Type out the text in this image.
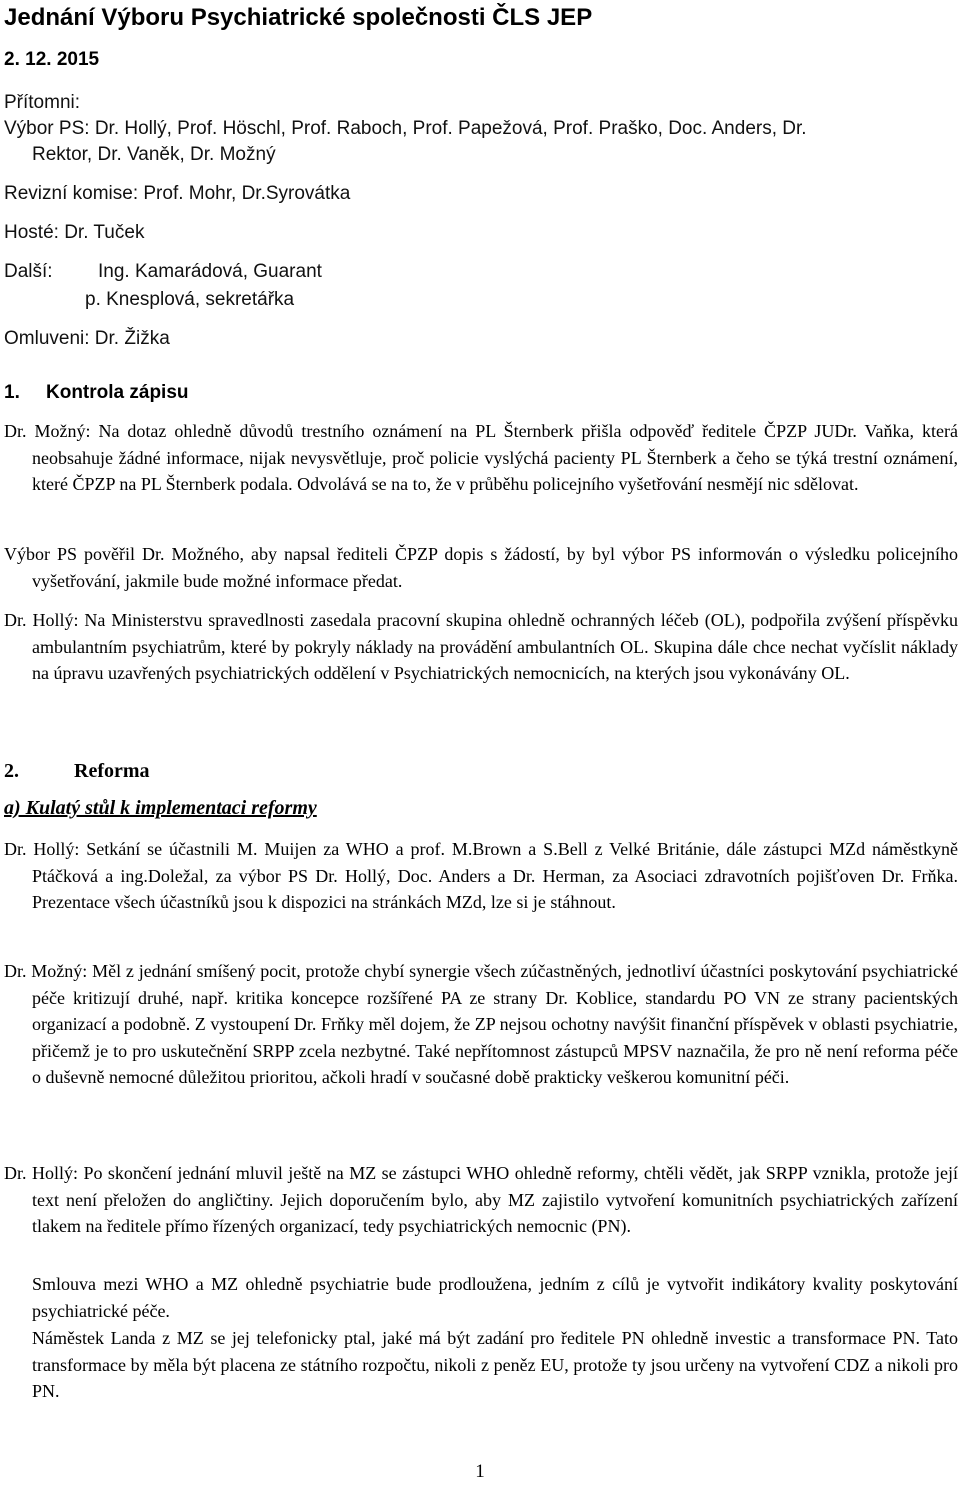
Jednání Výboru Psychiatrické společnosti ČLS JEP
2. 12. 2015
Přítomni:
Výbor PS: Dr. Hollý, Prof. Höschl, Prof. Raboch, Prof. Papežová, Prof. Praško, Doc. Anders, Dr.
Rektor, Dr. Vaněk, Dr. Možný
Revizní komise: Prof. Mohr, Dr.Syrovátka
Hosté: Dr. Tuček
Další: Ing. Kamarádová, Guarant
p. Knesplová, sekretářka
Omluveni: Dr. Žižka
1. Kontrola zápisu

Dr. Možný: Na dotaz ohledně důvodů trestního oznámení na PL Šternberk přišla odpověď ředitele ČPZP JUDr. Vaňka, která neobsahuje žádné informace, nijak nevysvětluje, proč policie vyslýchá pacienty PL Šternberk a čeho se týká trestní oznámení, které ČPZP na PL Šternberk podala. Odvolává se na to, že v průběhu policejního vyšetřování nesmějí nic sdělovat.

Výbor PS pověřil Dr. Možného, aby napsal řediteli ČPZP dopis s žádostí, by byl výbor PS informován o výsledku policejního vyšetřování, jakmile bude možné informace předat.

Dr. Hollý: Na Ministerstvu spravedlnosti zasedala pracovní skupina ohledně ochranných léčeb (OL), podpořila zvýšení příspěvku ambulantním psychiatrům, které by pokryly náklady na provádění ambulantních OL. Skupina dále chce nechat vyčíslit náklady na úpravu uzavřených psychiatrických oddělení v Psychiatrických nemocnicích, na kterých jsou vykonávány OL.

2.	Reforma
a) Kulatý stůl k implementaci reformy

Dr. Hollý: Setkání se účastnili M. Muijen za WHO a prof. M.Brown a S.Bell z Velké Británie, dále zástupci MZd náměstkyně Ptáčková a ing.Doležal, za výbor PS Dr. Hollý, Doc. Anders a Dr. Herman, za Asociaci zdravotních pojišťoven Dr. Frňka. Prezentace všech účastníků jsou k dispozici na stránkách MZd, lze si je stáhnout.

Dr. Možný: Měl z jednání smíšený pocit, protože chybí synergie všech zúčastněných, jednotliví účastníci poskytování psychiatrické péče kritizují druhé, např. kritika koncepce rozšířené PA ze strany Dr. Koblice, standardu PO VN ze strany pacientských organizací a podobně. Z vystoupení Dr. Frňky měl dojem, že ZP nejsou ochotny navýšit finanční příspěvek v oblasti psychiatrie, přičemž je to pro uskutečnění SRPP zcela nezbytné. Také nepřítomnost zástupců MPSV naznačila, že pro ně není reforma péče o duševně nemocné důležitou prioritou, ačkoli hradí v současné době prakticky veškerou komunitní péči.

Dr. Hollý: Po skončení jednání mluvil ještě na MZ se zástupci WHO ohledně reformy, chtěli vědět, jak SRPP vznikla, protože její text není přeložen do angličtiny. Jejich doporučením bylo, aby MZ zajistilo vytvoření komunitních psychiatrických zařízení tlakem na ředitele přímo řízených organizací, tedy psychiatrických nemocnic (PN).

Smlouva mezi WHO a MZ ohledně psychiatrie bude prodloužena, jedním z cílů je vytvořit indikátory kvality poskytování psychiatrické péče.

Náměstek Landa z MZ se jej telefonicky ptal, jaké má být zadání pro ředitele PN ohledně investic a transformace PN. Tato transformace by měla být placena ze státního rozpočtu, nikoli z peněz EU, protože ty jsou určeny na vytvoření CDZ a nikoli pro PN.

1
